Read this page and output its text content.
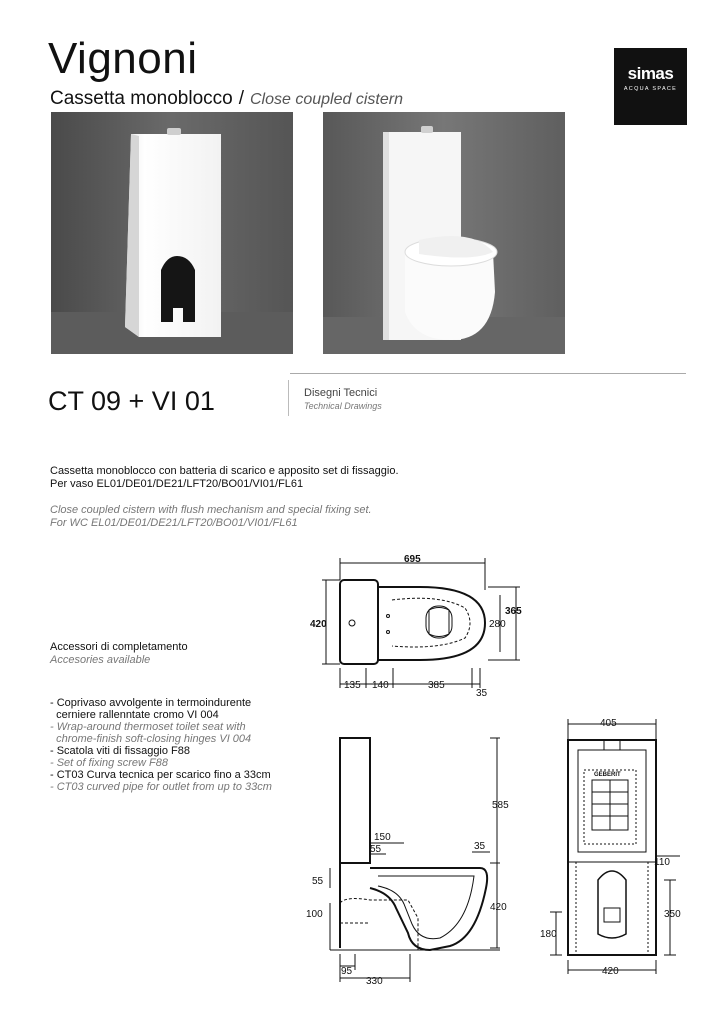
Vignoni
Cassetta monoblocco / Close coupled cistern
simas
ACQUA SPACE
CT 09 + VI 01	Disegni Tecnici
Technical Drawings
Cassetta monoblocco con batteria di scarico e apposito set di fissaggio.
Per vaso EL01/DE01/DE21/LFT20/BO01/VI01/FL61
Close coupled cistern with flush mechanism and special fixing set.
For WC EL01/DE01/DE21/LFT20/BO01/VI01/FL61
Accessori di completamento
Accesories available
- Coprivaso avvolgente in termoindurente
cerniere rallenntate cromo VI 004
- Wrap-around thermoset toilet seat with
chrome-finish soft-closing hinges VI 004
- Scatola viti di fissaggio F88
- Set of fixing screw F88
- CT03 Curva tecnica per scarico fino a 33cm
- CT03 curved pipe for outlet from up to 33cm
695
420
365
280
135 140	385
35
585
150
55	35
55
420
100
95
330
GEBERIT
405
110
350
180
420
